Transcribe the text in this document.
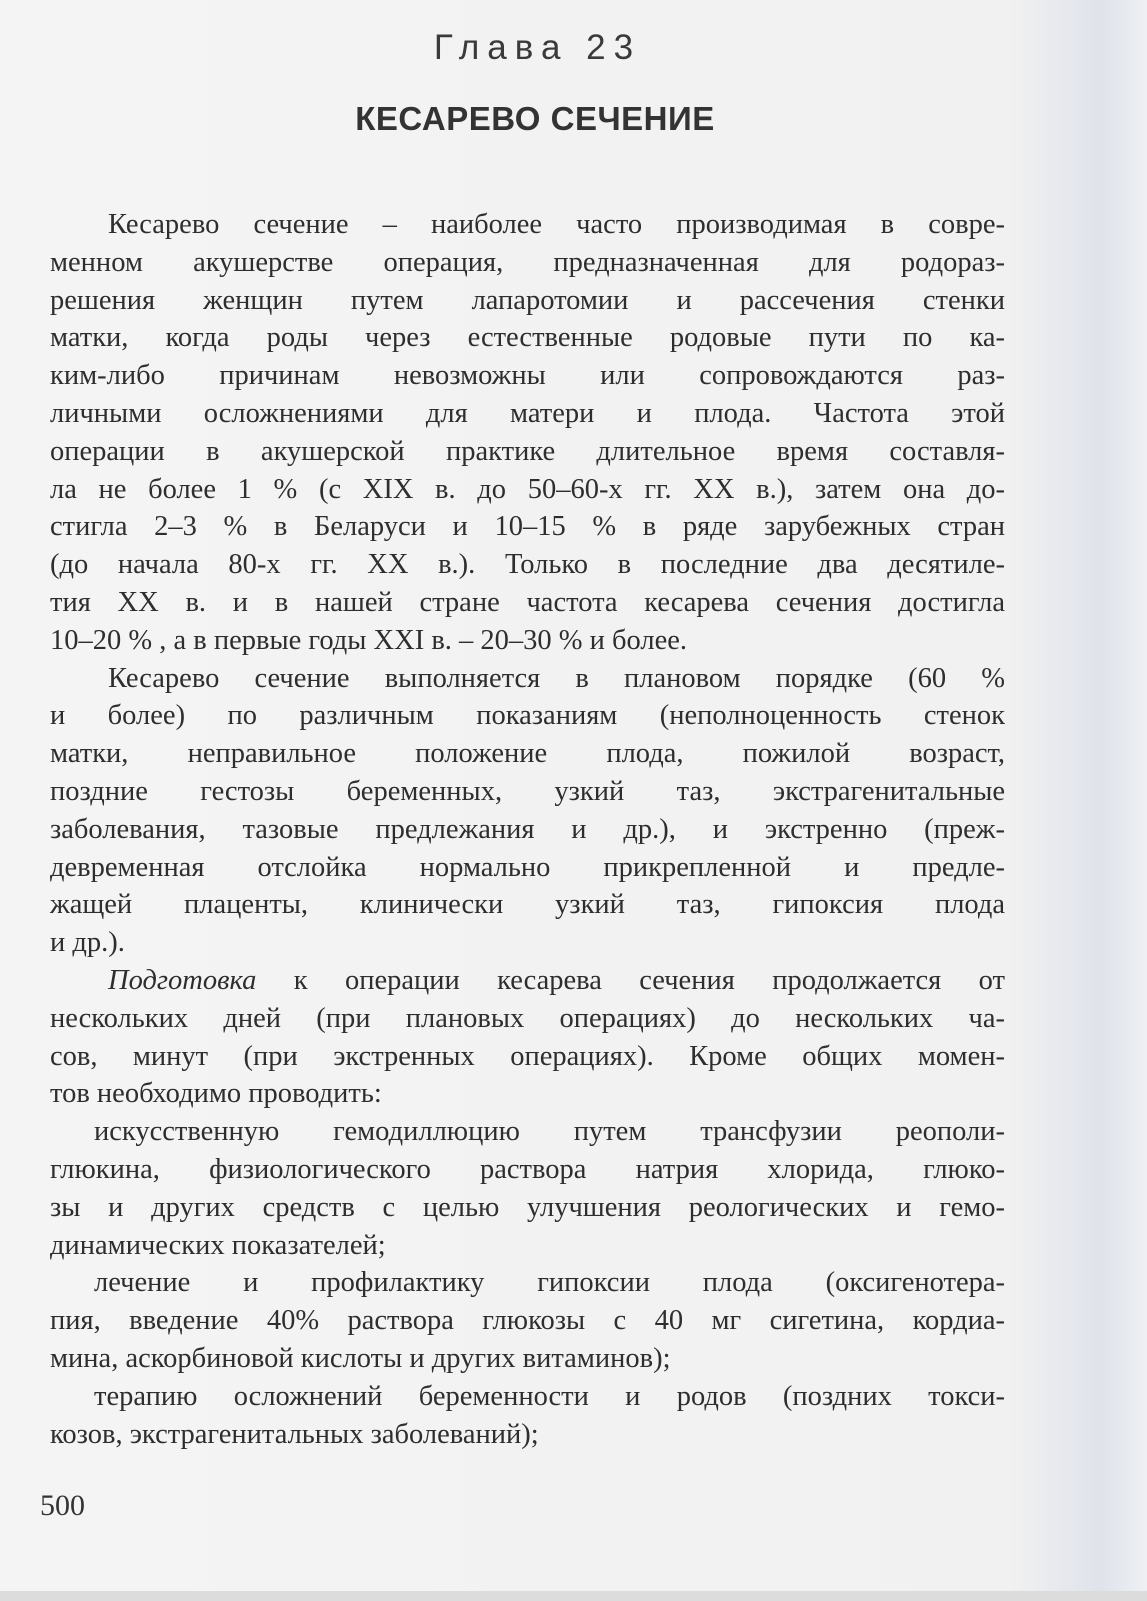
Глава 23
КЕСАРЕВО СЕЧЕНИЕ
Кесарево сечение – наиболее часто производимая в совре-
менном акушерстве операция, предназначенная для родораз-
решения женщин путем лапаротомии и рассечения стенки
матки, когда роды через естественные родовые пути по ка-
ким-либо причинам невозможны или сопровождаются раз-
личными осложнениями для матери и плода. Частота этой
операции в акушерской практике длительное время составля-
ла не более 1 % (с XIX в. до 50–60-х гг. XX в.), затем она до-
стигла 2–3 % в Беларуси и 10–15 % в ряде зарубежных стран
(до начала 80-х гг. XX в.). Только в последние два десятиле-
тия XX в. и в нашей стране частота кесарева сечения достигла
10–20 % , а в первые годы XXI в. – 20–30 % и более.
Кесарево сечение выполняется в плановом порядке (60 %
и более) по различным показаниям (неполноценность стенок
матки, неправильное положение плода, пожилой возраст,
поздние гестозы беременных, узкий таз, экстрагенитальные
заболевания, тазовые предлежания и др.), и экстренно (преж-
девременная отслойка нормально прикрепленной и предле-
жащей плаценты, клинически узкий таз, гипоксия плода
и др.).
Подготовка к операции кесарева сечения продолжается от
нескольких дней (при плановых операциях) до нескольких ча-
сов, минут (при экстренных операциях). Кроме общих момен-
тов необходимо проводить:
искусственную гемодиллюцию путем трансфузии реополи-
глюкина, физиологического раствора натрия хлорида, глюко-
зы и других средств с целью улучшения реологических и гемо-
динамических показателей;
лечение и профилактику гипоксии плода (оксигенотера-
пия, введение 40% раствора глюкозы с 40 мг сигетина, кордиа-
мина, аскорбиновой кислоты и других витаминов);
терапию осложнений беременности и родов (поздних токси-
козов, экстрагенитальных заболеваний);
500
